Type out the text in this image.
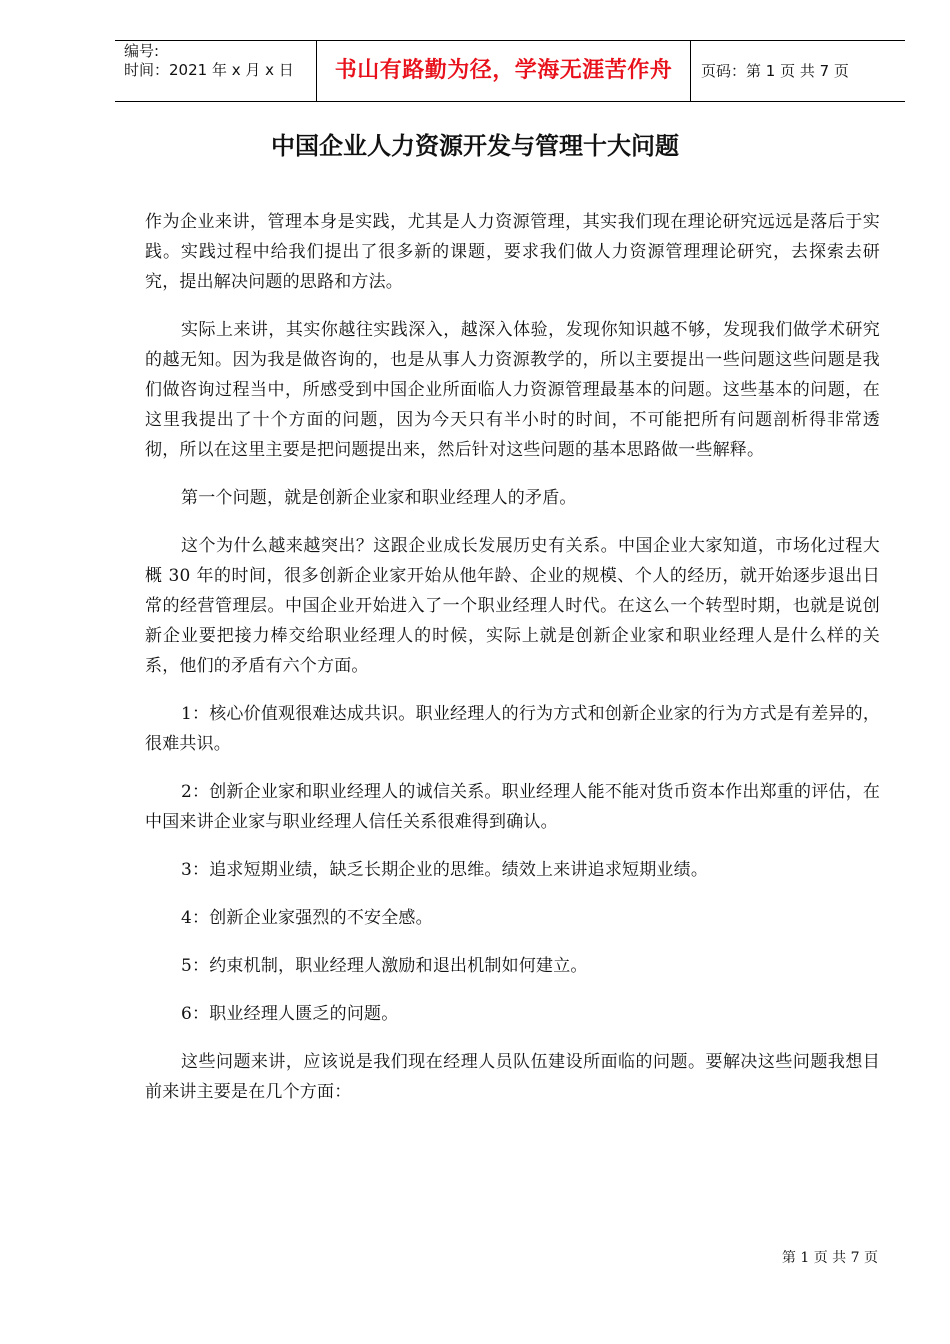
编号:
时间：2021 年 x 月 x 日	书山有路勤为径，学海无涯苦作舟	页码：第 1 页 共 7 页
中国企业人力资源开发与管理十大问题

作为企业来讲，管理本身是实践，尤其是人力资源管理，其实我们现在理论研究远远是落后于实践。实践过程中给我们提出了很多新的课题，要求我们做人力资源管理理论研究，去探索去研究，提出解决问题的思路和方法。

实际上来讲，其实你越往实践深入，越深入体验，发现你知识越不够，发现我们做学术研究的越无知。因为我是做咨询的，也是从事人力资源教学的，所以主要提出一些问题这些问题是我们做咨询过程当中，所感受到中国企业所面临人力资源管理最基本的问题。这些基本的问题，在这里我提出了十个方面的问题，因为今天只有半小时的时间，不可能把所有问题剖析得非常透彻，所以在这里主要是把问题提出来，然后针对这些问题的基本思路做一些解释。

第一个问题，就是创新企业家和职业经理人的矛盾。

这个为什么越来越突出？这跟企业成长发展历史有关系。中国企业大家知道，市场化过程大概 30 年的时间，很多创新企业家开始从他年龄、企业的规模、个人的经历，就开始逐步退出日常的经营管理层。中国企业开始进入了一个职业经理人时代。在这么一个转型时期，也就是说创新企业要把接力棒交给职业经理人的时候，实际上就是创新企业家和职业经理人是什么样的关系，他们的矛盾有六个方面。

1：核心价值观很难达成共识。职业经理人的行为方式和创新企业家的行为方式是有差异的，很难共识。

2：创新企业家和职业经理人的诚信关系。职业经理人能不能对货币资本作出郑重的评估，在中国来讲企业家与职业经理人信任关系很难得到确认。

3：追求短期业绩，缺乏长期企业的思维。绩效上来讲追求短期业绩。

4：创新企业家强烈的不安全感。

5：约束机制，职业经理人激励和退出机制如何建立。

6：职业经理人匮乏的问题。

这些问题来讲，应该说是我们现在经理人员队伍建设所面临的问题。要解决这些问题我想目前来讲主要是在几个方面：

第 1 页 共 7 页
